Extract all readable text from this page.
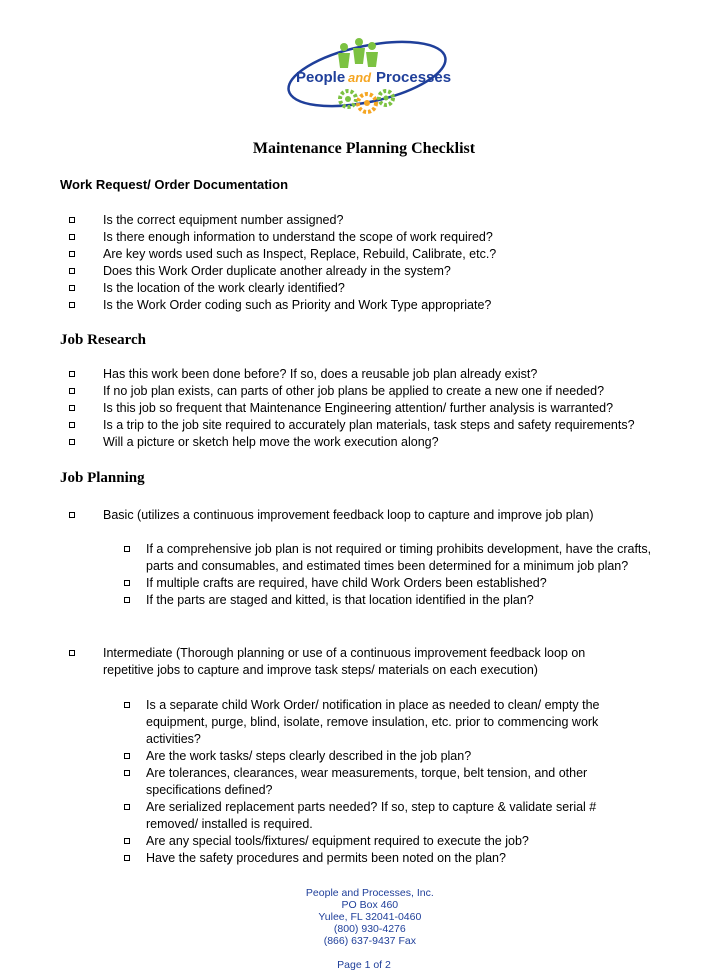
People and Processes
Maintenance Planning Checklist
Work Request/ Order Documentation
Is the correct equipment number assigned?
Is there enough information to understand the scope of work required?
Are key words used such as Inspect, Replace, Rebuild, Calibrate, etc.?
Does this Work Order duplicate another already in the system?
Is the location of the work clearly identified?
Is the Work Order coding such as Priority and Work Type appropriate?
Job Research
Has this work been done before? If so, does a reusable job plan already exist?
If no job plan exists, can parts of other job plans be applied to create a new one if needed?
Is this job so frequent that Maintenance Engineering attention/ further analysis is warranted?
Is a trip to the job site required to accurately plan materials, task steps and safety requirements?
Will a picture or sketch help move the work execution along?
Job Planning
Basic (utilizes a continuous improvement feedback loop to capture and improve job plan)
If a comprehensive job plan is not required or timing prohibits development, have the crafts, parts and consumables, and estimated times been determined for a minimum job plan?
If multiple crafts are required, have child Work Orders been established?
If the parts are staged and kitted, is that location identified in the plan?
Intermediate (Thorough planning or use of a continuous improvement feedback loop on repetitive jobs to capture and improve task steps/ materials on each execution)
Is a separate child Work Order/ notification in place as needed to clean/ empty the equipment, purge, blind, isolate, remove insulation, etc. prior to commencing work activities?
Are the work tasks/ steps clearly described in the job plan?
Are tolerances, clearances, wear measurements, torque, belt tension, and other specifications defined?
Are serialized replacement parts needed? If so, step to capture & validate serial # removed/ installed is required.
Are any special tools/fixtures/ equipment required to execute the job?
Have the safety procedures and permits been noted on the plan?

People and Processes, Inc.
PO Box 460
Yulee, FL 32041-0460
(800) 930-4276
(866) 637-9437 Fax

Page 1 of 2
